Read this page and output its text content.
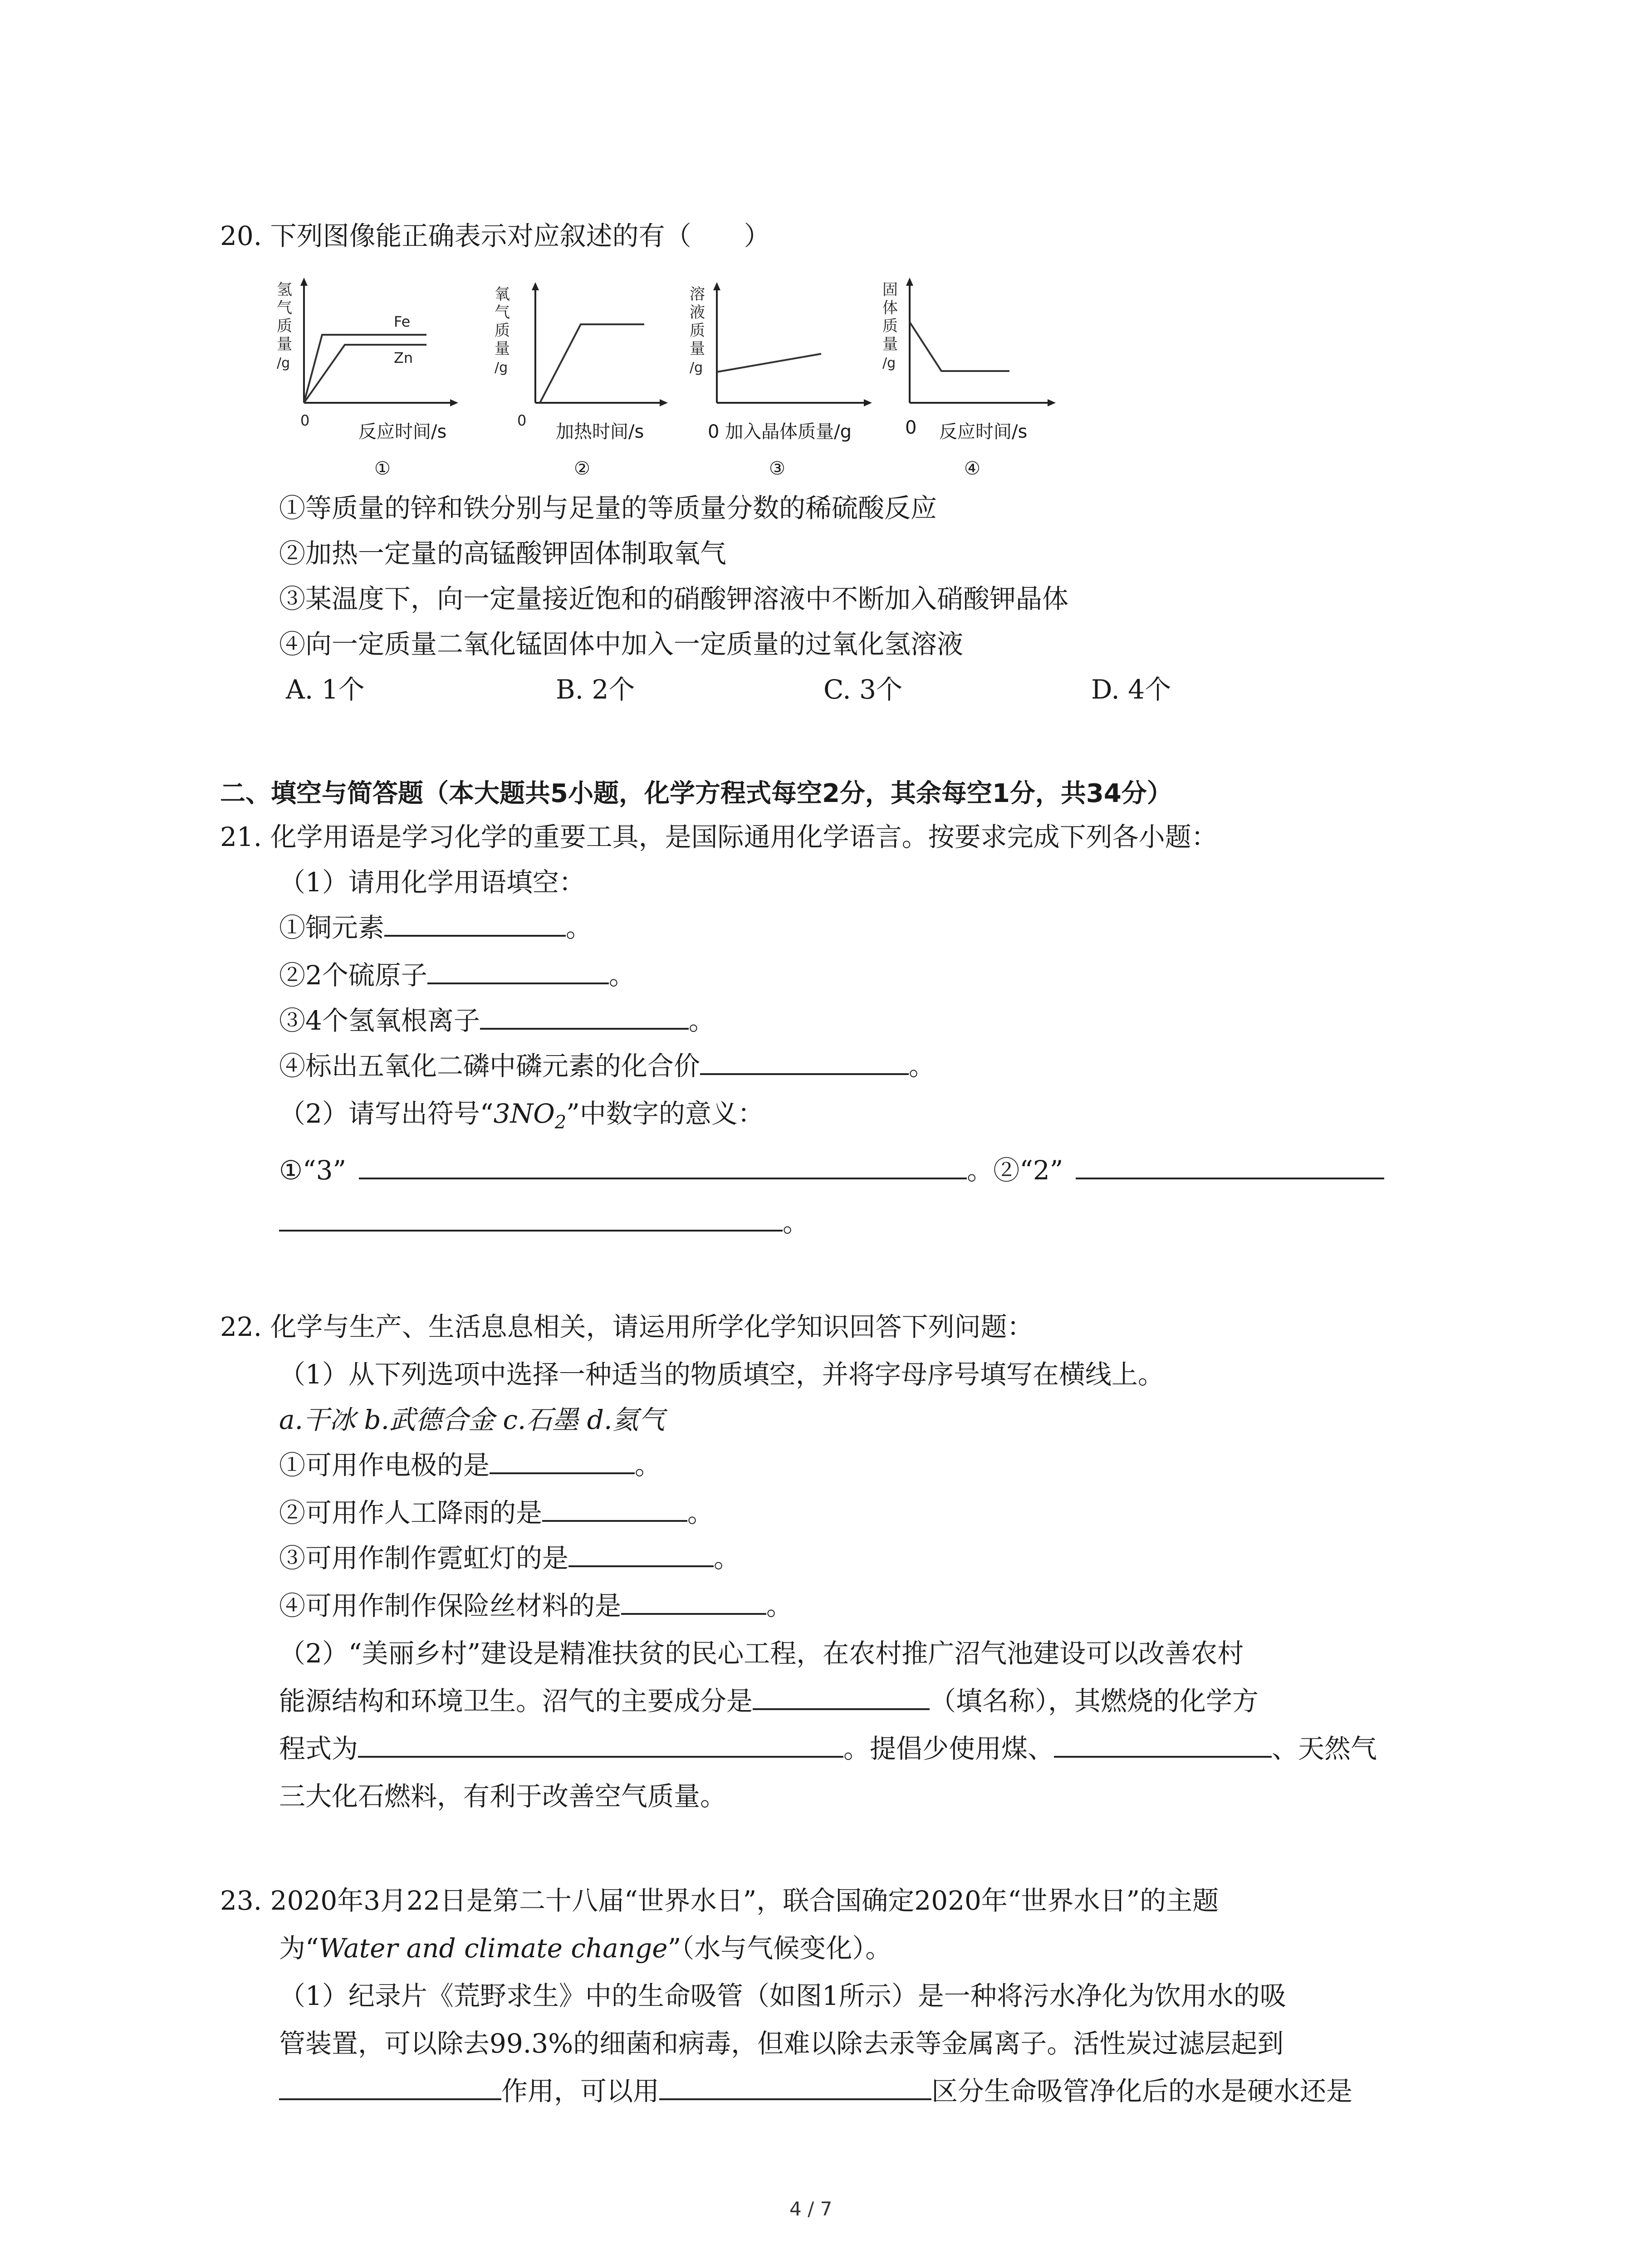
20. 下列图像能正确表示对应叙述的有（　　）
氢
气
质
量
/g
Fe
Zn
0
反应时间/s
①
氧
气
质
量
/g
0
加热时间/s
②
溶
液
质
量
/g
0 加入晶体质量/g
③
固
体
质
量
/g
0 反应时间/s
④
①等质量的锌和铁分别与足量的等质量分数的稀硫酸反应
②加热一定量的高锰酸钾固体制取氧气
③某温度下，向一定量接近饱和的硝酸钾溶液中不断加入硝酸钾晶体
④向一定质量二氧化锰固体中加入一定质量的过氧化氢溶液
A. 1个	B. 2个	C. 3个	D. 4个
二、填空与简答题（本大题共5小题，化学方程式每空2分，其余每空1分，共34分）
21. 化学用语是学习化学的重要工具，是国际通用化学语言。按要求完成下列各小题：
（1）请用化学用语填空：
①铜元素	。
②2个硫原子	。
③4个氢氧根离子	。
④标出五氧化二磷中磷元素的化合价	。
（2）请写出符号“$3NO_2$”中数字的意义：
①“3”	。②“2”
。
22. 化学与生产、生活息息相关，请运用所学化学知识回答下列问题：
（1）从下列选项中选择一种适当的物质填空，并将字母序号填写在横线上。
a.干冰 b.武德合金 c.石墨 d.氦气
①可用作电极的是	。
②可用作人工降雨的是	。
③可用作制作霓虹灯的是	。
④可用作制作保险丝材料的是	。
（2）“美丽乡村”建设是精准扶贫的民心工程，在农村推广沼气池建设可以改善农村
能源结构和环境卫生。沼气的主要成分是	（填名称），其燃烧的化学方
程式为	。提倡少使用煤、	、天然气
三大化石燃料，有利于改善空气质量。
23. 2020年3月22日是第二十八届“世界水日”，联合国确定2020年“世界水日”的主题
为“Water and climate change”（水与气候变化）。
（1）纪录片《荒野求生》中的生命吸管（如图1所示）是一种将污水净化为饮用水的吸
管装置，可以除去99.3%的细菌和病毒，但难以除去汞等金属离子。活性炭过滤层起到
作用，可以用	区分生命吸管净化后的水是硬水还是
4 / 7
